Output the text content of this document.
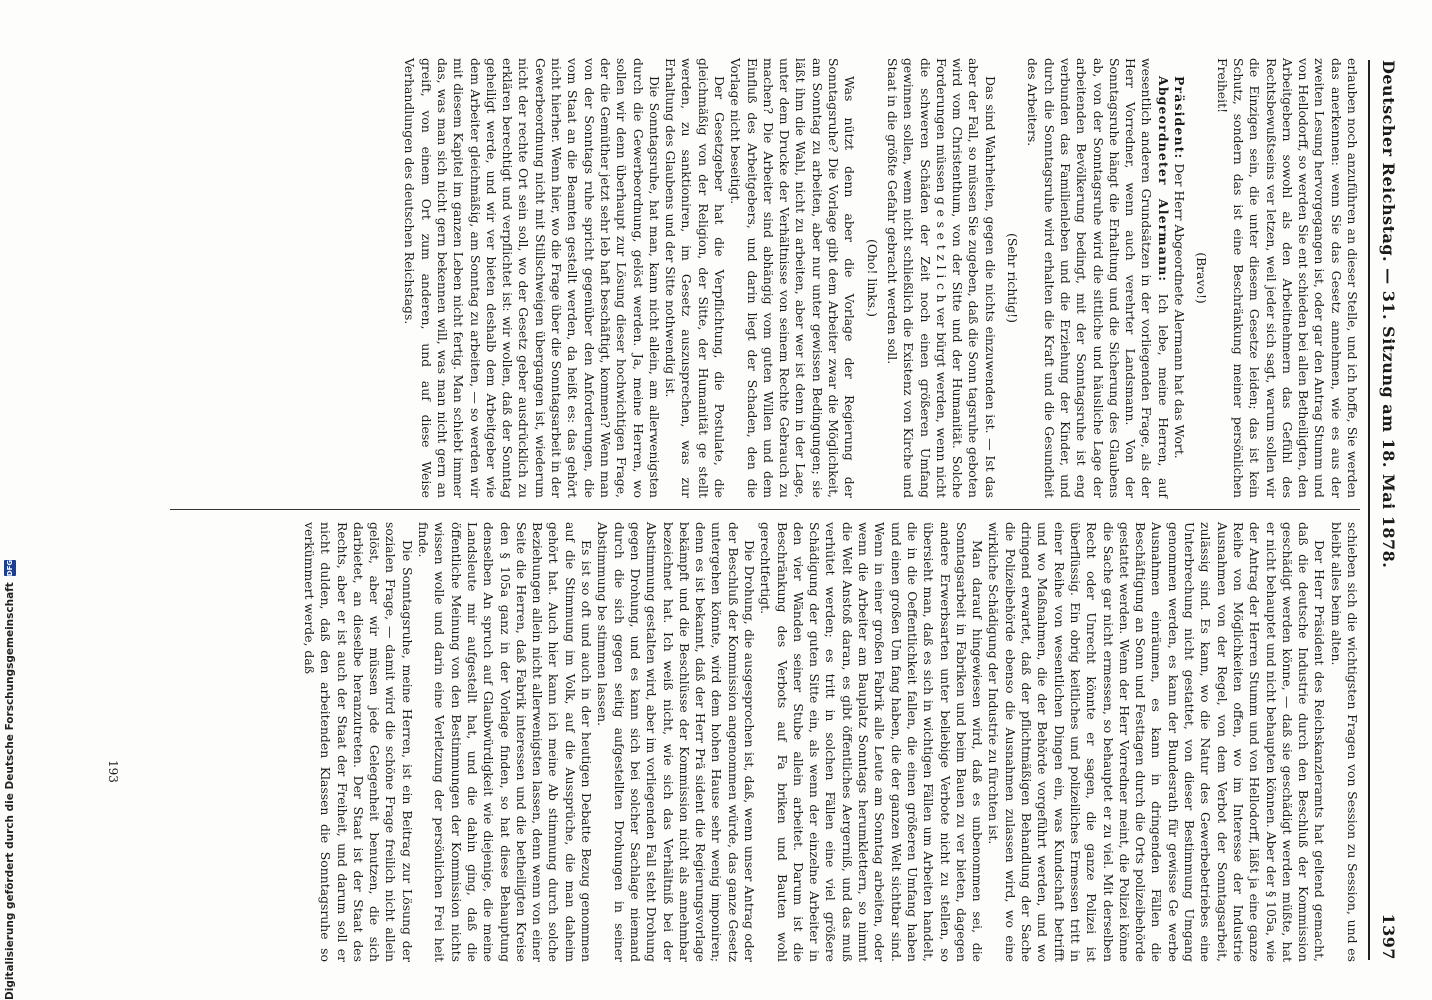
Deutscher Reichstag. — 31. Sitzung am 18. Mai 1878.
1397

erlauben noch anzuführen an dieser Stelle, und ich hoffe, Sie werden das anerkennen: wenn Sie das Gesetz annehmen, wie es aus der zweiten Lesung hervorgegangen ist, oder gar den Antrag Stumm und von Hellodorff, so werden Sie ent schieden bei allen Betheiligten, den Arbeitgebern sowohl als den Arbeitnehmern das Gefühl des Rechtsbewußtseins ver letzen, weil jeder sich sagt, warum sollen wir die Einzigen sein, die unter diesem Gesetze leiden; das ist kein Schutz, sondern das ist eine Beschränkung meiner persönlichen Freiheit!

(Bravo!)

Präsident: Der Herr Abgeordnete Alermann hat das Wort.

Abgeordneter Alermann: Ich lebe, meine Herren, auf wesentlich anderen Grundsätzen in der vorliegenden Frage, als der Herr Vorredner, wenn auch verehrter Landsmann. Von der Sonntagsruhe hängt die Erhaltung und die Sicherung des Glaubens ab, von der Sonntagsruhe wird die sittliche und häusliche Lage der arbeitenden Bevölkerung bedingt, mit der Sonntagsruhe ist eng verbunden das Familienleben und die Erziehung der Kinder, und durch die Sonntagsruhe wird erhalten die Kraft und die Gesundheit des Arbeiters.

(Sehr richtig!)

Das sind Wahrheiten, gegen die nichts einzuwenden ist. — Ist das aber der Fall, so müssen Sie zugeben, daß die Sonn tagsruhe geboten wird vom Christenthum, von der Sitte und der Humanität. Solche Forderungen müssen g e s e t z l i c h ver bürgt werden, wenn nicht die schweren Schäden der Zeit noch einen größeren Umfang gewinnen sollen, wenn nicht schließlich die Existenz von Kirche und Staat in die größte Gefahr gebracht werden soll.

(Oho! links.)

Was nützt denn aber die Vorlage der Regierung der Sonntagsruhe? Die Vorlage gibt dem Arbeiter zwar die Möglichkeit, am Sonntag zu arbeiten, aber nur unter gewissen Bedingungen; sie läßt ihm die Wahl, nicht zu arbeiten, aber wer ist denn in der Lage, unter dem Drucke der Verhältnisse von seinem Rechte Gebrauch zu machen? Die Arbeiter sind abhängig vom guten Willen und dem Einfluß des Arbeitgebers, und darin liegt der Schaden, den die Vorlage nicht beseitigt.

Der Gesetzgeber hat die Verpflichtung, die Postulate, die gleichmäßig von der Religion, der Sitte, der Humanität ge stellt werden, zu sanktioniren, im Gesetz auszusprechen, was zur Erhaltung des Glaubens und der Sitte nothwendig ist.

Die Sonntagsruhe, hat man, kann nicht allein, am allerwenigsten durch die Gewerbeordnung, gelöst werden. Ja, meine Herren, wo sollen wir denn überhaupt zur Lösung dieser hochwichtigen Frage, der die Gemüther jetzt sehr leb haft beschäftigt, kommen? Wenn man von der Sonntags ruhe spricht gegenüber den Anforderungen, die vom Staat an die Beamten gestellt werden, da heißt es: das gehört nicht hierher. Wenn hier, wo die Frage über die Sonntagsarbeit in der Gewerbeordnung nicht mit Stillschweigen übergangen ist, wiederum nicht der rechte Ort sein soll, wo der Gesetz geber ausdrücklich zu erklären berechtigt und verpflichtet ist: wir wollen, daß der Sonntag geheiligt werde, und wir ver bieten deshalb dem Arbeitgeber wie dem Arbeiter gleichmäßig, am Sonntag zu arbeiten, — so werden wir mit diesem Kapitel im ganzen Leben nicht fertig. Man schiebt immer das, was man sich nicht gern bekennen will, was man nicht gern an greift, von einem Ort zum anderen, und auf diese Weise Verhandlungen des deutschen Reichstags.

schieben sich die wichtigsten Fragen von Session zu Session, und es bleibt alles beim alten.

Der Herr Präsident des Reichskanzleramts hat geltend gemacht, daß die deutsche Industrie durch den Beschluß der Kommission geschädigt werden könne, — daß sie geschädigt werden müßte, hat er nicht behauptet und nicht behaupten können. Aber der § 105a, wie der Antrag der Herren Stumm und von Hellodorff, läßt ja eine ganze Reihe von Möglichkeiten offen, wo im Interesse der Industrie Ausnahmen von der Regel, von dem Verbot der Sonntagsarbeit, zulässig sind. Es kann, wo die Natur des Gewerbebetriebes eine Unterbrechung nicht gestattet, von dieser Bestimmung Umgang genommen werden, es kann der Bundesrath für gewisse Ge werbe Ausnahmen einräumen, es kann in dringenden Fällen die Beschäftigung an Sonn und Festtagen durch die Orts polizeibehörde gestattet werden. Wenn der Herr Vorredner meint, die Polizei könne die Sache gar nicht ermessen, so behauptet er zu viel. Mit derselben Recht oder Unrecht könnte er sagen, die ganze Polizei ist überflüssig. Ein obrig keitliches und polizeiliches Ermessen tritt in einer Reihe von wesentlichen Dingen ein, was Kundschaft betrifft und wo Maßnahmen, die der Behörde vorgeführt werden, und wo dringend erwartet, daß der pflichtmäßigen Behandlung der Sache die Polizeibehörde ebenso die Ausnahmen zulassen wird, wo eine wirkliche Schädigung der Industrie zu fürchten ist.

Man darauf hingewiesen wird, daß es unbenommen sei, die Sonntagsarbeit in Fabriken und beim Bauen zu ver bieten, dagegen andere Erwerbsarten unter beliebige Verbote nicht zu stellen, so übersieht man, daß es sich in wichtigen Fällen um Arbeiten handelt, die in die Oeffentlichkeit fallen, die einen größeren Umfang haben und einen großen Um fang haben, die der ganzen Welt sichtbar sind. Wenn in einer großen Fabrik alle Leute am Sonntag arbeiten, oder wenn die Arbeiter am Bauplatz Sonntags herumklettern, so nimmt die Welt Anstoß daran, es gibt öffentliches Aergerniß, und das muß verhütet werden; es tritt in solchen Fällen eine viel größere Schädigung der guten Sitte ein, als wenn der einzelne Arbeiter in den vier Wänden seiner Stube allein arbeitet. Darum ist die Beschränkung des Verbots auf Fa briken und Bauten wohl gerechtfertigt.

Die Drohung, die ausgesprochen ist, daß, wenn unser Antrag oder der Beschluß der Kommission angenommen würde, das ganze Gesetz untergehen könnte, wird dem hohen Hause sehr wenig imponiren; denn es ist bekannt, daß der Herr Prä sident die Regierungsvorlage bekämpft und die Beschlüsse der Kommission nicht als annehmbar bezeichnet hat. Ich weiß nicht, wie sich das Verhältniß bei der Abstimmung gestalten wird, aber im vorliegenden Fall steht Drohung gegen Drohung, und es kann sich bei solcher Sachlage niemand durch die sich gegen seitig aufgestellten Drohungen in seiner Abstimmung be stimmen lassen.

Es ist so oft und auch in der heutigen Debatte Bezug genommen auf die Stimmung im Volk, auf die Aussprüche, die man daheim gehört hat. Auch hier kann ich meine Ab stimmung durch solche Beziehungen allein nicht allerwenigsten lassen, denn wenn von einer Seite die Herren, daß Fabrik interessen und die betheiligten Kreise den § 105a ganz in der Vorlage finden, so hat diese Behauptung denselben An spruch auf Glaubwürdigkeit wie diejenige, die meine Landsleute mir aufgestellt hat, und die dahin ging, daß die öffentliche Meinung von den Bestimmungen der Kommission nichts wissen wolle und darin eine Verletzung der persönlichen Frei heit finde.

Die Sonntagsruhe, meine Herren, ist ein Beitrag zur Lösung der sozialen Frage, — damit wird die schöne Frage freilich nicht allein gelöst, aber wir müssen jede Gelegenheit benutzen, die sich darbietet, an dieselbe heranzutreten. Der Staat ist der Staat des Rechts, aber er ist auch der Staat der Freiheit, und darum soll er nicht dulden, daß den arbeitenden Klassen die Sonntagsruhe so verkümmert werde, daß

193
Digitalisierung gefördert durch die Deutsche Forschungsgemeinschaft
DFG
